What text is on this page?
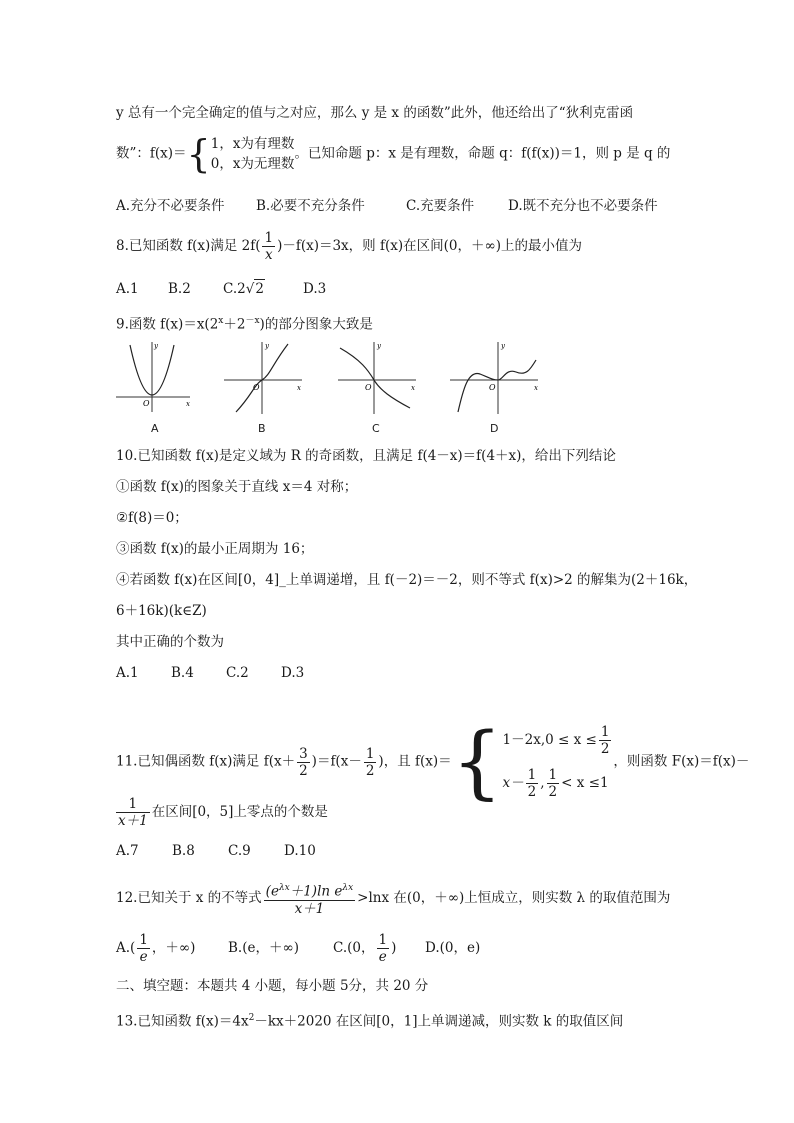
y 总有一个完全确定的值与之对应，那么 y 是 x 的函数”此外，他还给出了“狄利克雷函
数”：f(x)＝{ 1，x为有理数
0，x为无理数
。已知命题 p：x 是有理数，命题 q：f(f(x))＝1，则 p 是 q 的
A.充分不必要条件 B.必要不充分条件	C.充要条件	D.既不充分也不必要条件
8.已知函数 f(x)满足 $2f( \frac{1}{x} )-f(x)=3x$，则 f(x)在区间(0，＋∞)上的最小值为
A.1 B.2 C.2√2	D.3
9.函数 $f(x)=x(2^x+2^{-x})$的部分图象大致是
y
x
O
A
y
x
O
B
y
x
O
C
y
x
O
D
10.已知函数 f(x)是定义域为 R 的奇函数，且满足 f(4－x)＝f(4＋x)，给出下列结论
①函数 f(x)的图象关于直线 x＝4 对称；
②f(8)＝0；
③函数 f(x)的最小正周期为 16；
④若函数 f(x)在区间[0，4]_上单调递增，且 f(－2)＝－2，则不等式 f(x)>2 的解集为(2＋16k，
6＋16k)(k∈Z)
其中正确的个数为
A.1 B.4 C.2 D.3
11.已知偶函数 f(x)满足 $f(x+ \frac{3}{2} )=f(x- \frac{1}{2}$ )，且 f(x)＝{ $1-2x,0 \le x \le \frac{1}{2}$
$x- \frac{1}{2}$ , $\frac{1}{2} < x \le 1$
，则函数 F(x)＝f(x)－
$\frac{1}{x+1}$ 在区间[0，5]上零点的个数是
A.7 B.8 C.9 D.10
12.已知关于 x 的不等式 $\frac{(e^{\lambda x}+1)\ln e^{\lambda x}}{x+1} >\ln x$ 在(0，＋∞)上恒成立，则实数 λ 的取值范围为
$A.( \frac{1}{e}$ ，＋∞) B.(e，＋∞)	C.(0， $\frac{1}{e}$ ) D.(0，e)
二、填空题：本题共 4 小题，每小题 5分，共 20 分
13.已知函数 $f(x)=4x^2-kx+2020$ 在区间[0，1]上单调递减，则实数 k 的取值区间
